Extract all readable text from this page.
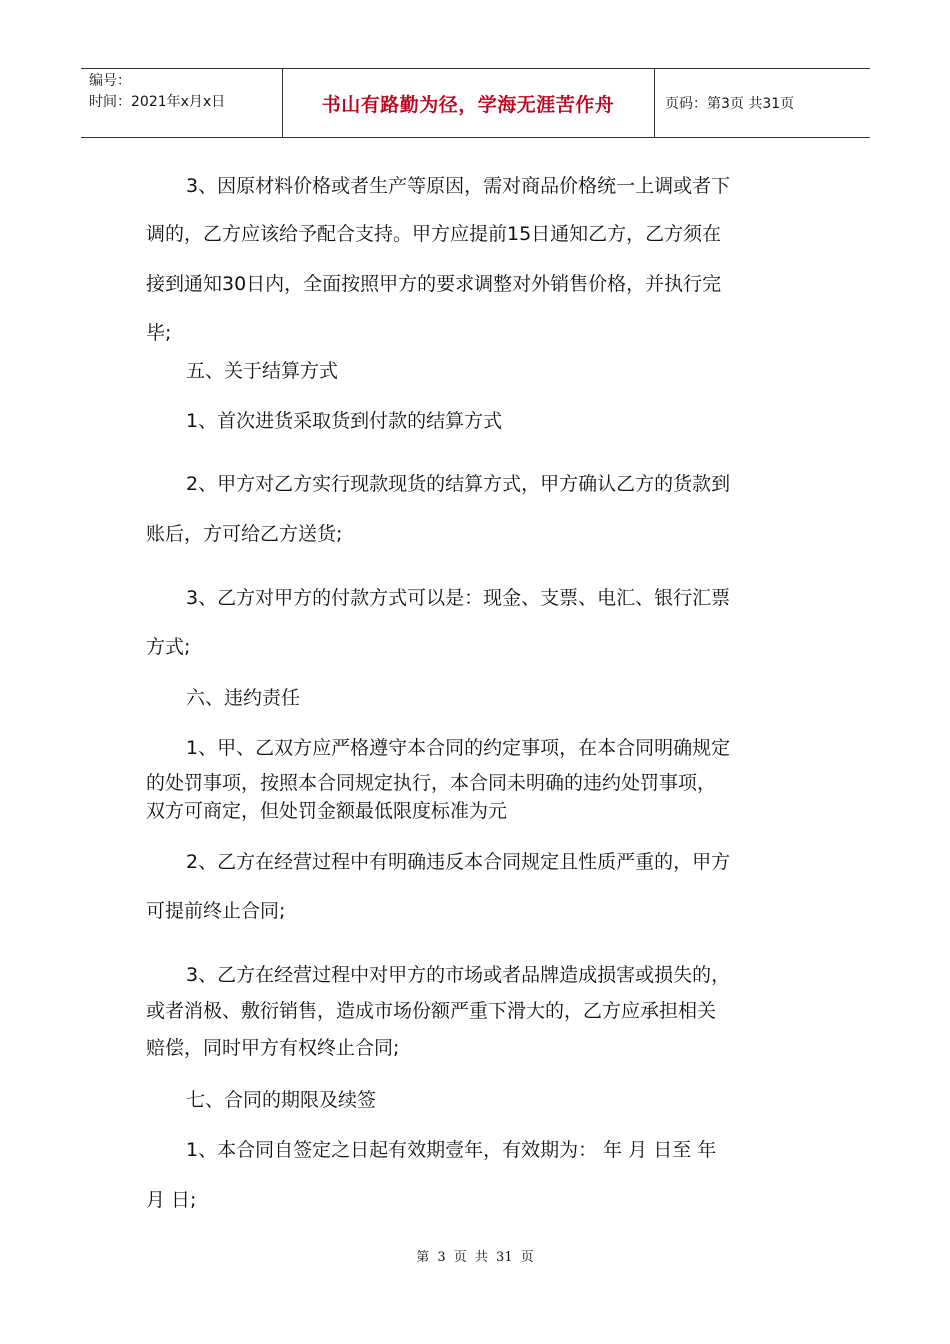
编号：
时间：2021年x月x日	书山有路勤为径，学海无涯苦作舟	页码：第3页 共31页
3、因原材料价格或者生产等原因，需对商品价格统一上调或者下
调的，乙方应该给予配合支持。甲方应提前15日通知乙方，乙方须在
接到通知30日内，全面按照甲方的要求调整对外销售价格，并执行完
毕;
五、关于结算方式
1、首次进货采取货到付款的结算方式
2、甲方对乙方实行现款现货的结算方式，甲方确认乙方的货款到
账后，方可给乙方送货;
3、乙方对甲方的付款方式可以是：现金、支票、电汇、银行汇票
方式;
六、违约责任
1、甲、乙双方应严格遵守本合同的约定事项，在本合同明确规定
的处罚事项，按照本合同规定执行，本合同未明确的违约处罚事项，
双方可商定，但处罚金额最低限度标准为元
2、乙方在经营过程中有明确违反本合同规定且性质严重的，甲方
可提前终止合同;
3、乙方在经营过程中对甲方的市场或者品牌造成损害或损失的，
或者消极、敷衍销售，造成市场份额严重下滑大的，乙方应承担相关
赔偿，同时甲方有权终止合同;
七、合同的期限及续签
1、本合同自签定之日起有效期壹年，有效期为： 年 月 日至 年
月 日;
第 3 页 共 31 页
